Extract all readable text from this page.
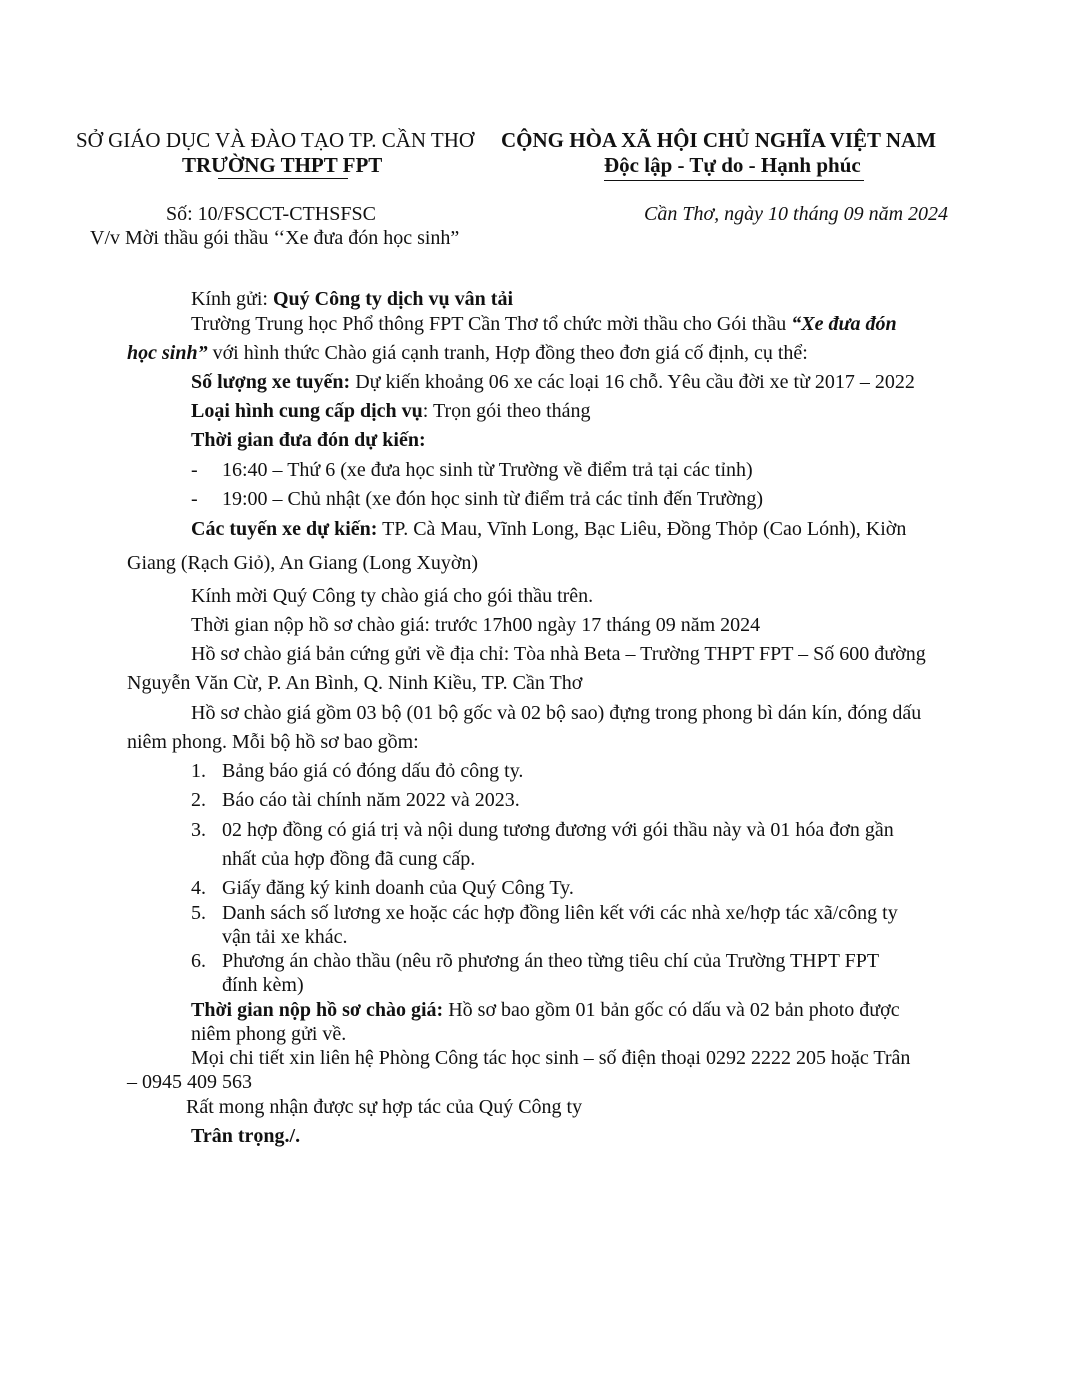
SỞ GIÁO DỤC VÀ ĐÀO TẠO TP. CẦN THƠ
TRƯỜNG THPT FPT
CỘNG HÒA XÃ HỘI CHỦ NGHĨA VIỆT NAM
Độc lập - Tự do - Hạnh phúc
Số: 10/FSCCT-CTHSFSC
V/v Mời thầu gói thầu ‘‘Xe đưa đón học sinh”
Cần Thơ, ngày 10 tháng 09 năm 2024
Kính gửi: Quý Công ty dịch vụ vân tải
Trường Trung học Phổ thông FPT Cần Thơ tổ chức mời thầu cho Gói thầu “Xe đưa đón
học sinh” với hình thức Chào giá cạnh tranh, Hợp đồng theo đơn giá cố định, cụ thể:
Số lượng xe tuyến: Dự kiến khoảng 06 xe các loại 16 chỗ. Yêu cầu đời xe từ 2017 – 2022
Loại hình cung cấp dịch vụ: Trọn gói theo tháng
Thời gian đưa đón dự kiến:
- 16:40 – Thứ 6 (xe đưa học sinh từ Trường về điểm trả tại các tỉnh)
- 19:00 – Chủ nhật (xe đón học sinh từ điểm trả các tỉnh đến Trường)
Các tuyến xe dự kiến: TP. Cà Mau, Vĩnh Long, Bạc Liêu, Đồng Thỏp (Cao Lónh), Kiờn
Giang (Rạch Giỏ), An Giang (Long Xuyờn)
Kính mời Quý Công ty chào giá cho gói thầu trên.
Thời gian nộp hồ sơ chào giá: trước 17h00 ngày 17 tháng 09 năm 2024
Hồ sơ chào giá bản cứng gửi về địa chỉ: Tòa nhà Beta – Trường THPT FPT – Số 600 đường
Nguyễn Văn Cừ, P. An Bình, Q. Ninh Kiều, TP. Cần Thơ
Hồ sơ chào giá gồm 03 bộ (01 bộ gốc và 02 bộ sao) đựng trong phong bì dán kín, đóng dấu
niêm phong. Mỗi bộ hồ sơ bao gồm:
1. Bảng báo giá có đóng dấu đỏ công ty.
2. Báo cáo tài chính năm 2022 và 2023.
3. 02 hợp đồng có giá trị và nội dung tương đương với gói thầu này và 01 hóa đơn gần
nhất của hợp đồng đã cung cấp.
4. Giấy đăng ký kinh doanh của Quý Công Ty.
5. Danh sách số lương xe hoặc các hợp đồng liên kết với các nhà xe/hợp tác xã/công ty
vận tải xe khác.
6. Phương án chào thầu (nêu rõ phương án theo từng tiêu chí của Trường THPT FPT
đính kèm)
Thời gian nộp hồ sơ chào giá: Hồ sơ bao gồm 01 bản gốc có dấu và 02 bản photo được
niêm phong gửi về.
Mọi chi tiết xin liên hệ Phòng Công tác học sinh – số điện thoại 0292 2222 205 hoặc Trân
– 0945 409 563
Rất mong nhận được sự hợp tác của Quý Công ty
Trân trọng./.
